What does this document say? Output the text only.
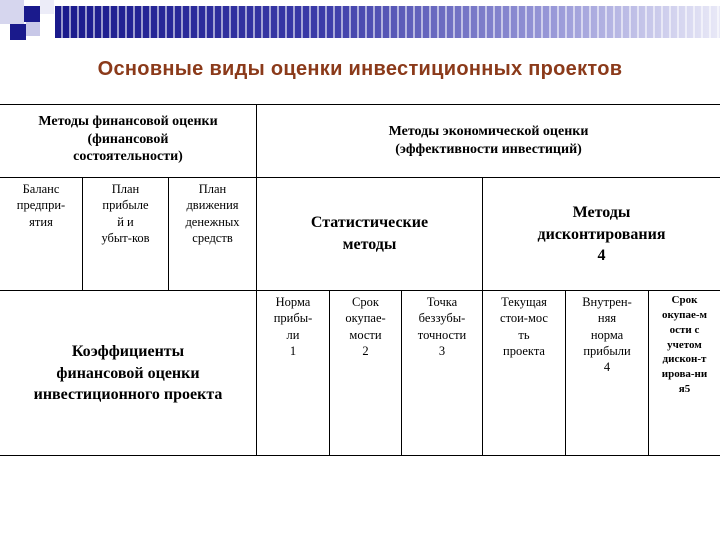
Основные виды оценки инвестиционных проектов
Методы финансовой оценки
(финансовой
состоятельности)
Методы экономической оценки
(эффективности инвестиций)
Баланс
предпри-
ятия
План
прибыле
й и
убыт-ков
План
движения
денежных
средств
Статистические
методы
Методы
дисконтирования
4
Коэффициенты
финансовой оценки
инвестиционного проекта
Норма
прибы-
ли
1
Срок
окупае-
мости
2
Точка
беззубы-
точности
3
Текущая
стои-мос
ть
проекта
Внутрен-
няя
норма
прибыли
4
Срок
окупае-м
ости с
учетом
дискон-т
ирова-ни
я5
